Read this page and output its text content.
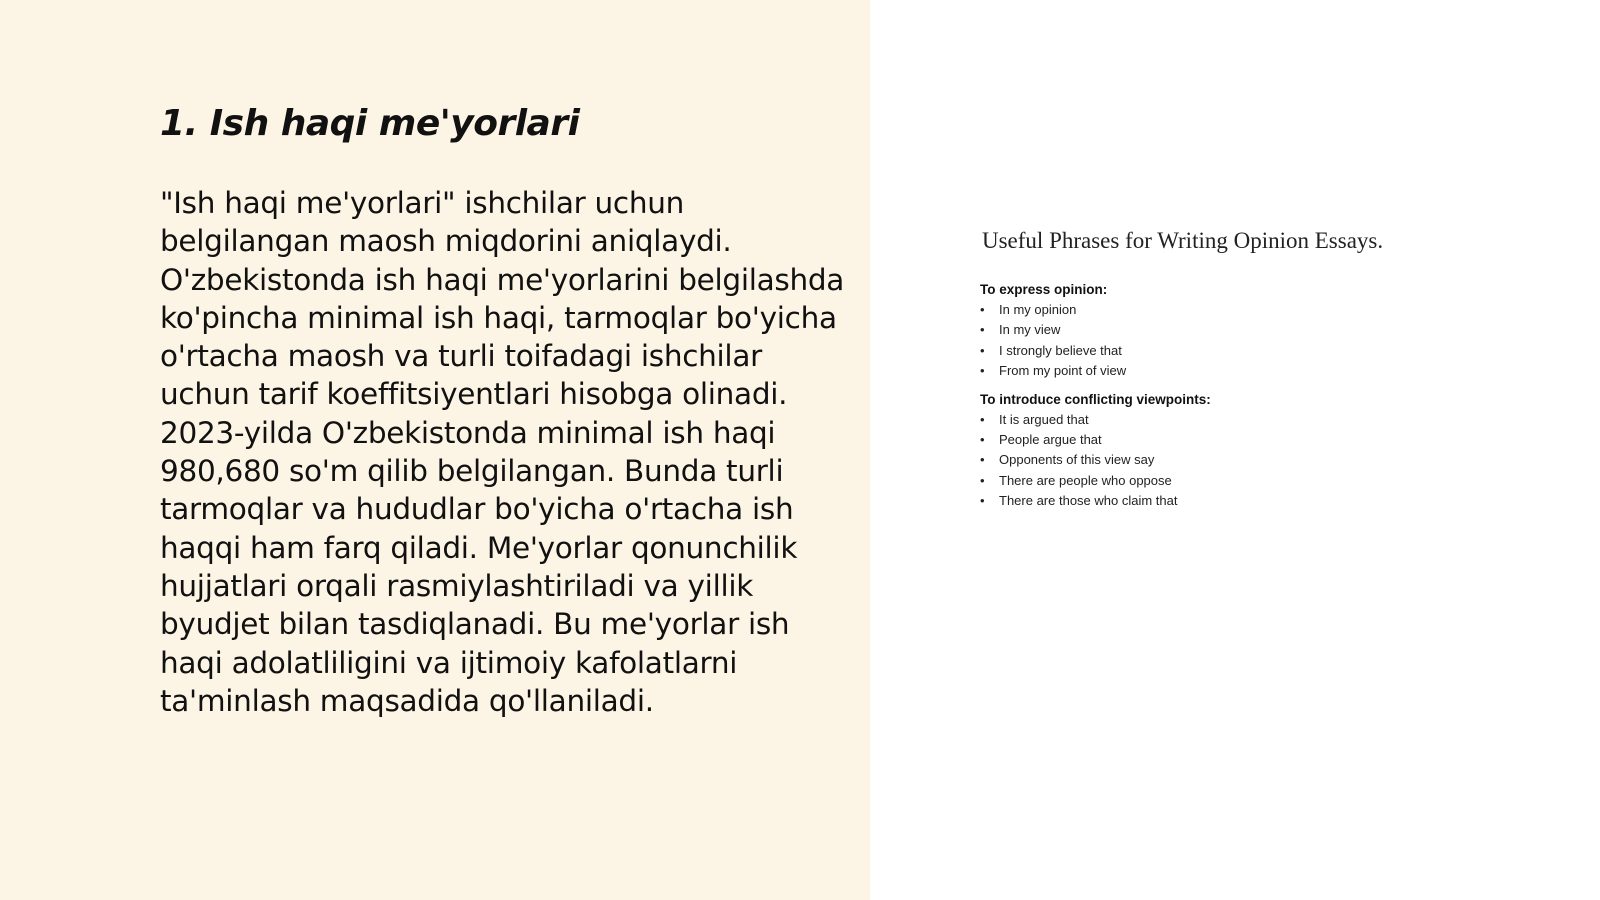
1. Ish haqi me'yorlari

"Ish haqi me'yorlari" ishchilar uchun belgilangan maosh miqdorini aniqlaydi. O'zbekistonda ish haqi me'yorlarini belgilashda ko'pincha minimal ish haqi, tarmoqlar bo'yicha o'rtacha maosh va turli toifadagi ishchilar uchun tarif koeffitsiyentlari hisobga olinadi. 2023-yilda O'zbekistonda minimal ish haqi 980,680 so'm qilib belgilangan. Bunda turli tarmoqlar va hududlar bo'yicha o'rtacha ish haqqi ham farq qiladi. Me'yorlar qonunchilik hujjatlari orqali rasmiylashtiriladi va yillik byudjet bilan tasdiqlanadi. Bu me'yorlar ish haqi adolatliligini va ijtimoiy kafolatlarni ta'minlash maqsadida qo'llaniladi.

Useful Phrases for Writing Opinion Essays.
To express opinion:
• In my opinion
• In my view
• I strongly believe that
• From my point of view
To introduce conflicting viewpoints:
• It is argued that
• People argue that
• Opponents of this view say
• There are people who oppose
• There are those who claim that
